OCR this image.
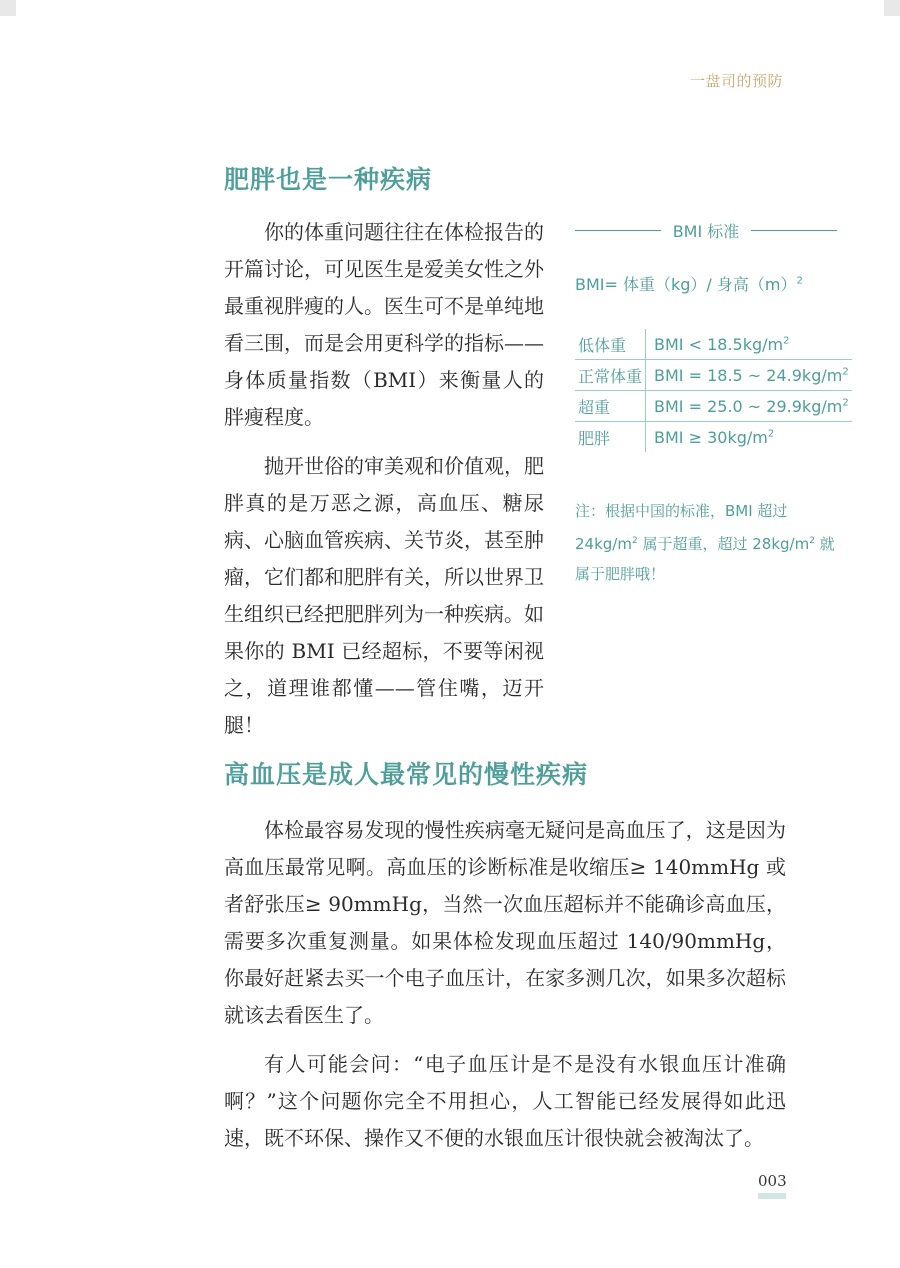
一盘司的预防
肥胖也是一种疾病

你的体重问题往往在体检报告的开篇讨论，可见医生是爱美女性之外最重视胖瘦的人。医生可不是单纯地看三围，而是会用更科学的指标——身体质量指数（BMI）来衡量人的胖瘦程度。

抛开世俗的审美观和价值观，肥胖真的是万恶之源，高血压、糖尿病、心脑血管疾病、关节炎，甚至肿瘤，它们都和肥胖有关，所以世界卫生组织已经把肥胖列为一种疾病。如果你的 BMI 已经超标，不要等闲视之，道理谁都懂——管住嘴，迈开腿！

BMI 标准
BMI= 体重（kg）/ 身高$(m)^2$
低体重	BMI < $18.5kg/m^2$
正常体重	BMI = 18.5 ~ $24.9kg/m^2$
超重	BMI = 25.0 ~ $29.9kg/m^2$
肥胖	BMI ≥ $30kg/m^2$
注：根据中国的标准，BMI 超过 $24kg/m^2$ 属于超重，超过 $28kg/m^2$ 就属于肥胖哦！
高血压是成人最常见的慢性疾病

体检最容易发现的慢性疾病毫无疑问是高血压了，这是因为高血压最常见啊。高血压的诊断标准是收缩压≥ 140mmHg 或者舒张压≥ 90mmHg，当然一次血压超标并不能确诊高血压，需要多次重复测量。如果体检发现血压超过 140/90mmHg，你最好赶紧去买一个电子血压计，在家多测几次，如果多次超标就该去看医生了。

有人可能会问：“电子血压计是不是没有水银血压计准确啊？”这个问题你完全不用担心，人工智能已经发展得如此迅速，既不环保、操作又不便的水银血压计很快就会被淘汰了。

003
